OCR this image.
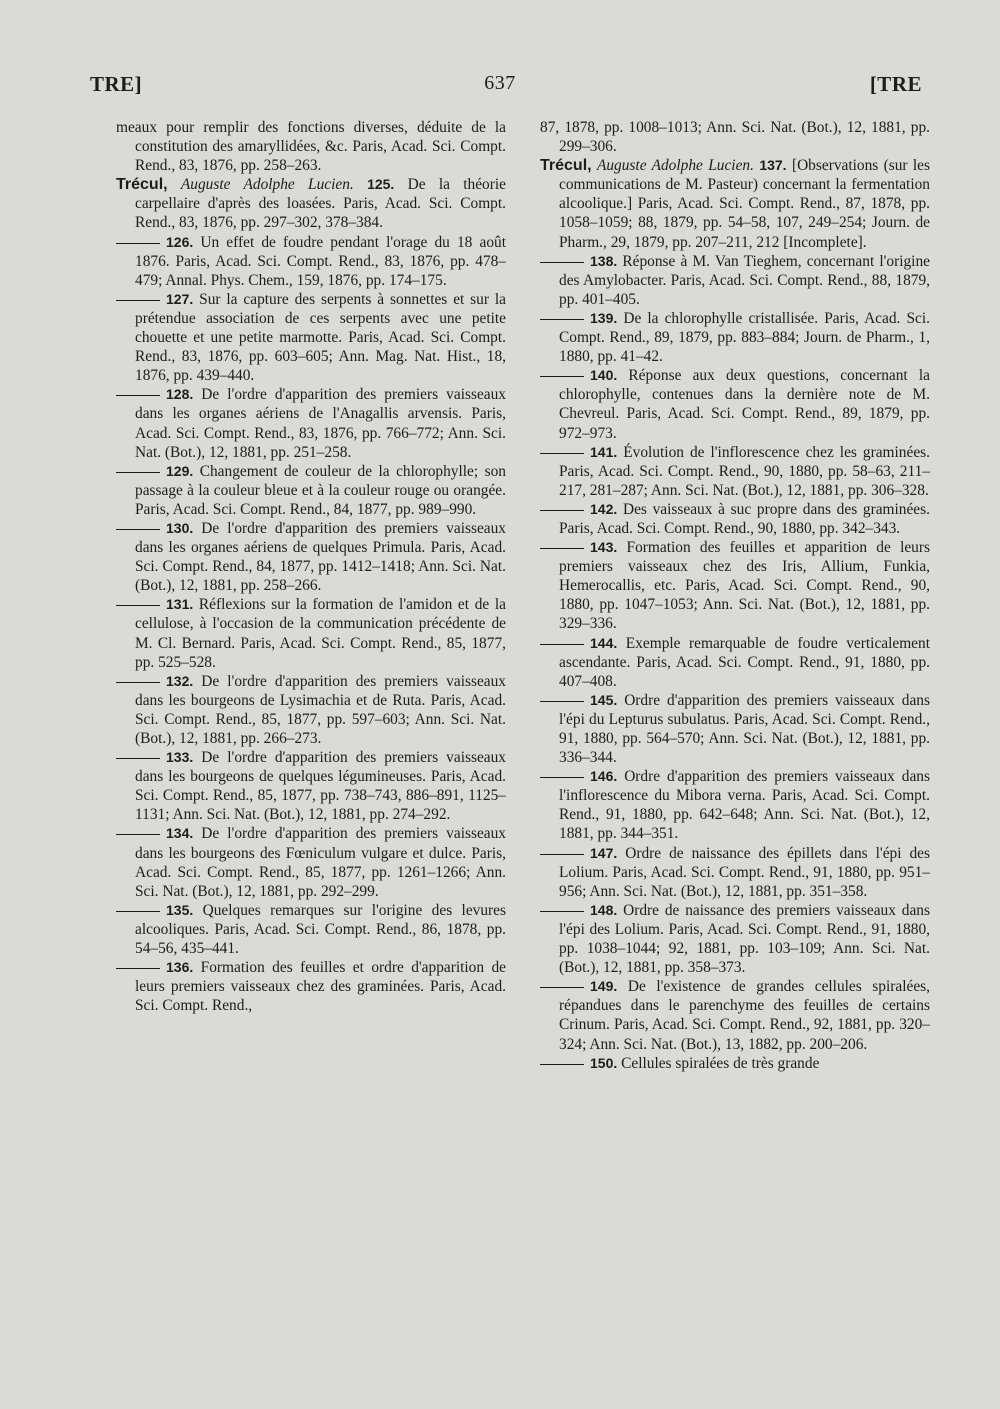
TRE]	637	[TRE

meaux pour remplir des fonctions diverses, déduite de la constitution des amaryllidées, &c. Paris, Acad. Sci. Compt. Rend., 83, 1876, pp. 258–263.

Trécul, Auguste Adolphe Lucien. 125. De la théorie carpellaire d'après des loasées. Paris, Acad. Sci. Compt. Rend., 83, 1876, pp. 297–302, 378–384.

126. Un effet de foudre pendant l'orage du 18 août 1876. Paris, Acad. Sci. Compt. Rend., 83, 1876, pp. 478–479; Annal. Phys. Chem., 159, 1876, pp. 174–175.

127. Sur la capture des serpents à sonnettes et sur la prétendue association de ces serpents avec une petite chouette et une petite marmotte. Paris, Acad. Sci. Compt. Rend., 83, 1876, pp. 603–605; Ann. Mag. Nat. Hist., 18, 1876, pp. 439–440.

128. De l'ordre d'apparition des premiers vaisseaux dans les organes aériens de l'Anagallis arvensis. Paris, Acad. Sci. Compt. Rend., 83, 1876, pp. 766–772; Ann. Sci. Nat. (Bot.), 12, 1881, pp. 251–258.

129. Changement de couleur de la chlorophylle; son passage à la couleur bleue et à la couleur rouge ou orangée. Paris, Acad. Sci. Compt. Rend., 84, 1877, pp. 989–990.

130. De l'ordre d'apparition des premiers vaisseaux dans les organes aériens de quelques Primula. Paris, Acad. Sci. Compt. Rend., 84, 1877, pp. 1412–1418; Ann. Sci. Nat. (Bot.), 12, 1881, pp. 258–266.

131. Réflexions sur la formation de l'amidon et de la cellulose, à l'occasion de la communication précédente de M. Cl. Bernard. Paris, Acad. Sci. Compt. Rend., 85, 1877, pp. 525–528.

132. De l'ordre d'apparition des premiers vaisseaux dans les bourgeons de Lysimachia et de Ruta. Paris, Acad. Sci. Compt. Rend., 85, 1877, pp. 597–603; Ann. Sci. Nat. (Bot.), 12, 1881, pp. 266–273.

133. De l'ordre d'apparition des premiers vaisseaux dans les bourgeons de quelques légumineuses. Paris, Acad. Sci. Compt. Rend., 85, 1877, pp. 738–743, 886–891, 1125–1131; Ann. Sci. Nat. (Bot.), 12, 1881, pp. 274–292.

134. De l'ordre d'apparition des premiers vaisseaux dans les bourgeons des Fœniculum vulgare et dulce. Paris, Acad. Sci. Compt. Rend., 85, 1877, pp. 1261–1266; Ann. Sci. Nat. (Bot.), 12, 1881, pp. 292–299.

135. Quelques remarques sur l'origine des levures alcooliques. Paris, Acad. Sci. Compt. Rend., 86, 1878, pp. 54–56, 435–441.

136. Formation des feuilles et ordre d'apparition de leurs premiers vaisseaux chez des graminées. Paris, Acad. Sci. Compt. Rend.,

87, 1878, pp. 1008–1013; Ann. Sci. Nat. (Bot.), 12, 1881, pp. 299–306.

Trécul, Auguste Adolphe Lucien. 137. [Observations (sur les communications de M. Pasteur) concernant la fermentation alcoolique.] Paris, Acad. Sci. Compt. Rend., 87, 1878, pp. 1058–1059; 88, 1879, pp. 54–58, 107, 249–254; Journ. de Pharm., 29, 1879, pp. 207–211, 212 [Incomplete].

138. Réponse à M. Van Tieghem, concernant l'origine des Amylobacter. Paris, Acad. Sci. Compt. Rend., 88, 1879, pp. 401–405.

139. De la chlorophylle cristallisée. Paris, Acad. Sci. Compt. Rend., 89, 1879, pp. 883–884; Journ. de Pharm., 1, 1880, pp. 41–42.

140. Réponse aux deux questions, concernant la chlorophylle, contenues dans la dernière note de M. Chevreul. Paris, Acad. Sci. Compt. Rend., 89, 1879, pp. 972–973.

141. Évolution de l'inflorescence chez les graminées. Paris, Acad. Sci. Compt. Rend., 90, 1880, pp. 58–63, 211–217, 281–287; Ann. Sci. Nat. (Bot.), 12, 1881, pp. 306–328.

142. Des vaisseaux à suc propre dans des graminées. Paris, Acad. Sci. Compt. Rend., 90, 1880, pp. 342–343.

143. Formation des feuilles et apparition de leurs premiers vaisseaux chez des Iris, Allium, Funkia, Hemerocallis, etc. Paris, Acad. Sci. Compt. Rend., 90, 1880, pp. 1047–1053; Ann. Sci. Nat. (Bot.), 12, 1881, pp. 329–336.

144. Exemple remarquable de foudre verticalement ascendante. Paris, Acad. Sci. Compt. Rend., 91, 1880, pp. 407–408.

145. Ordre d'apparition des premiers vaisseaux dans l'épi du Lepturus subulatus. Paris, Acad. Sci. Compt. Rend., 91, 1880, pp. 564–570; Ann. Sci. Nat. (Bot.), 12, 1881, pp. 336–344.

146. Ordre d'apparition des premiers vaisseaux dans l'inflorescence du Mibora verna. Paris, Acad. Sci. Compt. Rend., 91, 1880, pp. 642–648; Ann. Sci. Nat. (Bot.), 12, 1881, pp. 344–351.

147. Ordre de naissance des épillets dans l'épi des Lolium. Paris, Acad. Sci. Compt. Rend., 91, 1880, pp. 951–956; Ann. Sci. Nat. (Bot.), 12, 1881, pp. 351–358.

148. Ordre de naissance des premiers vaisseaux dans l'épi des Lolium. Paris, Acad. Sci. Compt. Rend., 91, 1880, pp. 1038–1044; 92, 1881, pp. 103–109; Ann. Sci. Nat. (Bot.), 12, 1881, pp. 358–373.

149. De l'existence de grandes cellules spiralées, répandues dans le parenchyme des feuilles de certains Crinum. Paris, Acad. Sci. Compt. Rend., 92, 1881, pp. 320–324; Ann. Sci. Nat. (Bot.), 13, 1882, pp. 200–206.

150. Cellules spiralées de très grande
